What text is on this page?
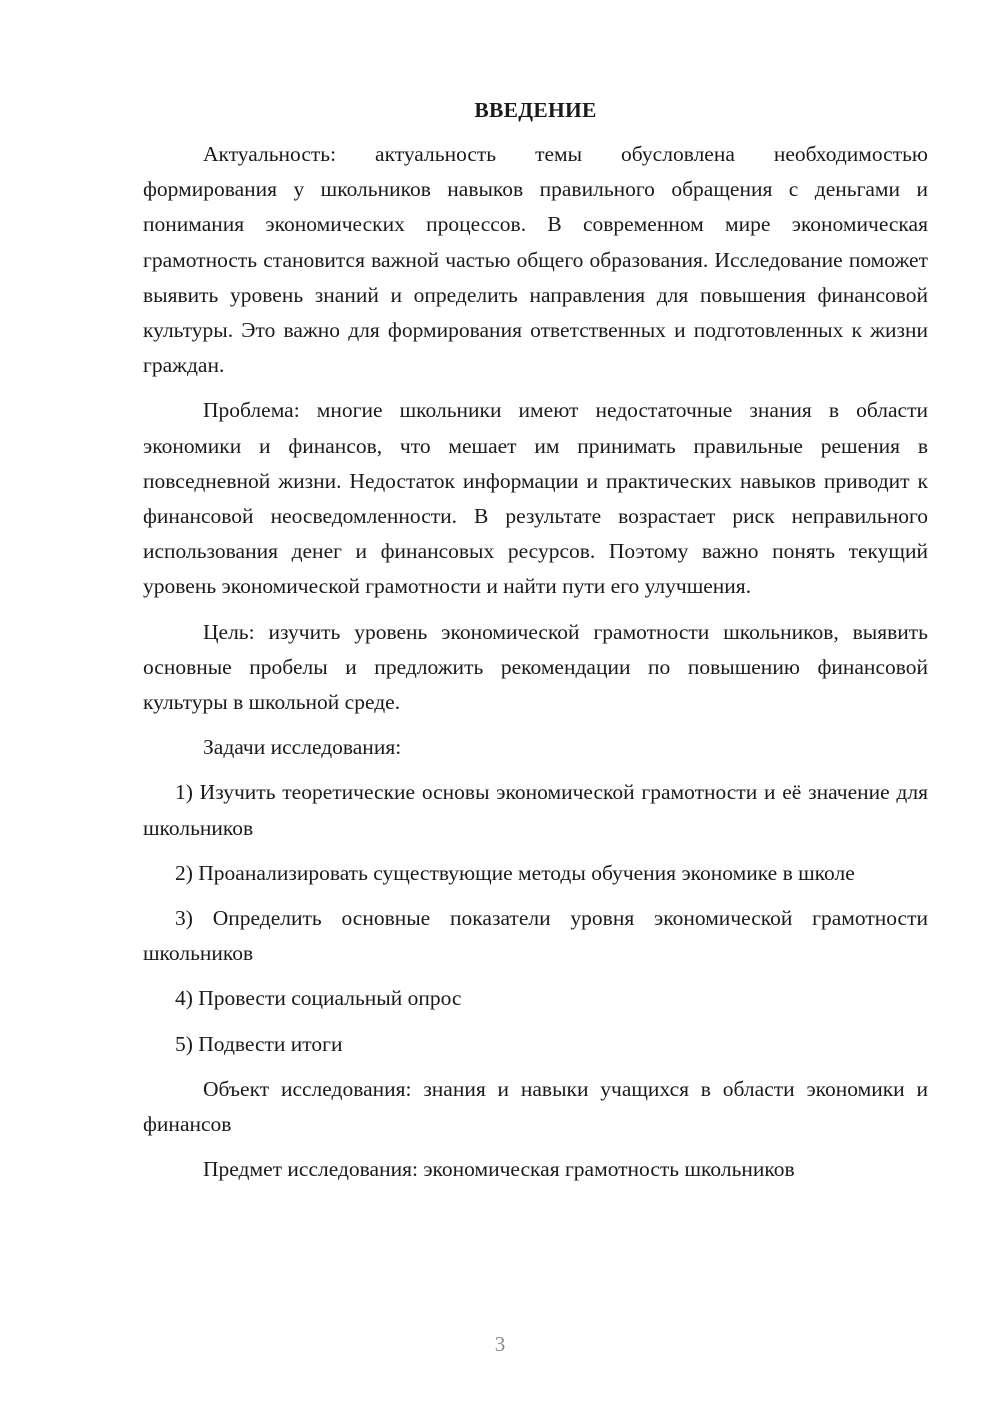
ВВЕДЕНИЕ

Актуальность: актуальность темы обусловлена необходимостью формирования у школьников навыков правильного обращения с деньгами и понимания экономических процессов. В современном мире экономическая грамотность становится важной частью общего образования. Исследование поможет выявить уровень знаний и определить направления для повышения финансовой культуры. Это важно для формирования ответственных и подготовленных к жизни граждан.

Проблема: многие школьники имеют недостаточные знания в области экономики и финансов, что мешает им принимать правильные решения в повседневной жизни. Недостаток информации и практических навыков приводит к финансовой неосведомленности. В результате возрастает риск неправильного использования денег и финансовых ресурсов. Поэтому важно понять текущий уровень экономической грамотности и найти пути его улучшения.

Цель: изучить уровень экономической грамотности школьников, выявить основные пробелы и предложить рекомендации по повышению финансовой культуры в школьной среде.

Задачи исследования:

1) Изучить теоретические основы экономической грамотности и её значение для школьников

2) Проанализировать существующие методы обучения экономике в школе

3) Определить основные показатели уровня экономической грамотности школьников

4) Провести социальный опрос

5) Подвести итоги

Объект исследования: знания и навыки учащихся в области экономики и финансов

Предмет исследования: экономическая грамотность школьников

3
